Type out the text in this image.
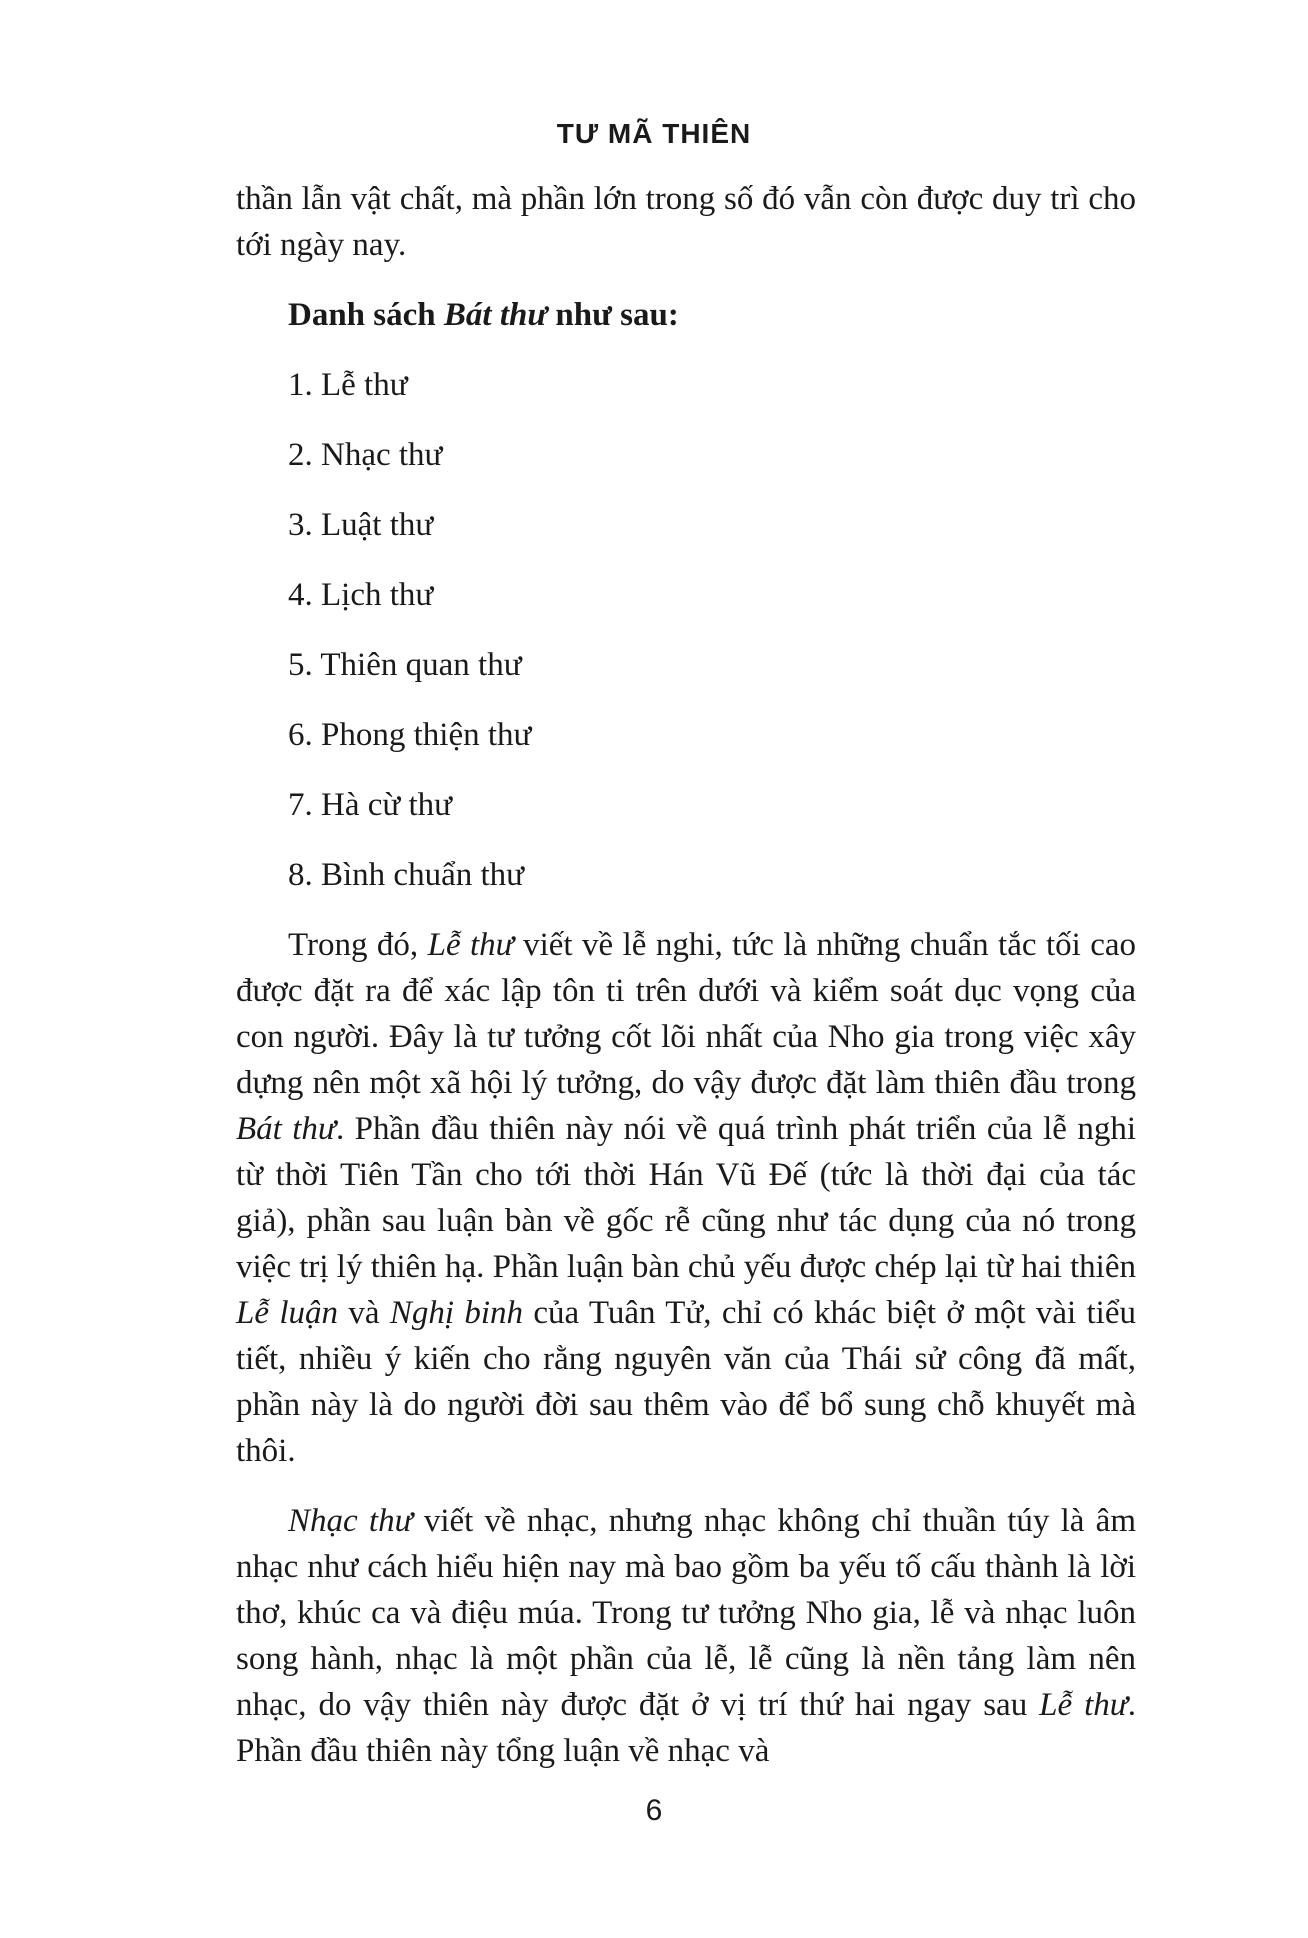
TƯ MÃ THIÊN

thần lẫn vật chất, mà phần lớn trong số đó vẫn còn được duy trì cho tới ngày nay.

Danh sách Bát thư như sau:

1. Lễ thư

2. Nhạc thư

3. Luật thư

4. Lịch thư

5. Thiên quan thư

6. Phong thiện thư

7. Hà cừ thư

8. Bình chuẩn thư

Trong đó, Lễ thư viết về lễ nghi, tức là những chuẩn tắc tối cao được đặt ra để xác lập tôn ti trên dưới và kiểm soát dục vọng của con người. Đây là tư tưởng cốt lõi nhất của Nho gia trong việc xây dựng nên một xã hội lý tưởng, do vậy được đặt làm thiên đầu trong Bát thư. Phần đầu thiên này nói về quá trình phát triển của lễ nghi từ thời Tiên Tần cho tới thời Hán Vũ Đế (tức là thời đại của tác giả), phần sau luận bàn về gốc rễ cũng như tác dụng của nó trong việc trị lý thiên hạ. Phần luận bàn chủ yếu được chép lại từ hai thiên Lễ luận và Nghị binh của Tuân Tử, chỉ có khác biệt ở một vài tiểu tiết, nhiều ý kiến cho rằng nguyên văn của Thái sử công đã mất, phần này là do người đời sau thêm vào để bổ sung chỗ khuyết mà thôi.

Nhạc thư viết về nhạc, nhưng nhạc không chỉ thuần túy là âm nhạc như cách hiểu hiện nay mà bao gồm ba yếu tố cấu thành là lời thơ, khúc ca và điệu múa. Trong tư tưởng Nho gia, lễ và nhạc luôn song hành, nhạc là một phần của lễ, lễ cũng là nền tảng làm nên nhạc, do vậy thiên này được đặt ở vị trí thứ hai ngay sau Lễ thư. Phần đầu thiên này tổng luận về nhạc và

6
